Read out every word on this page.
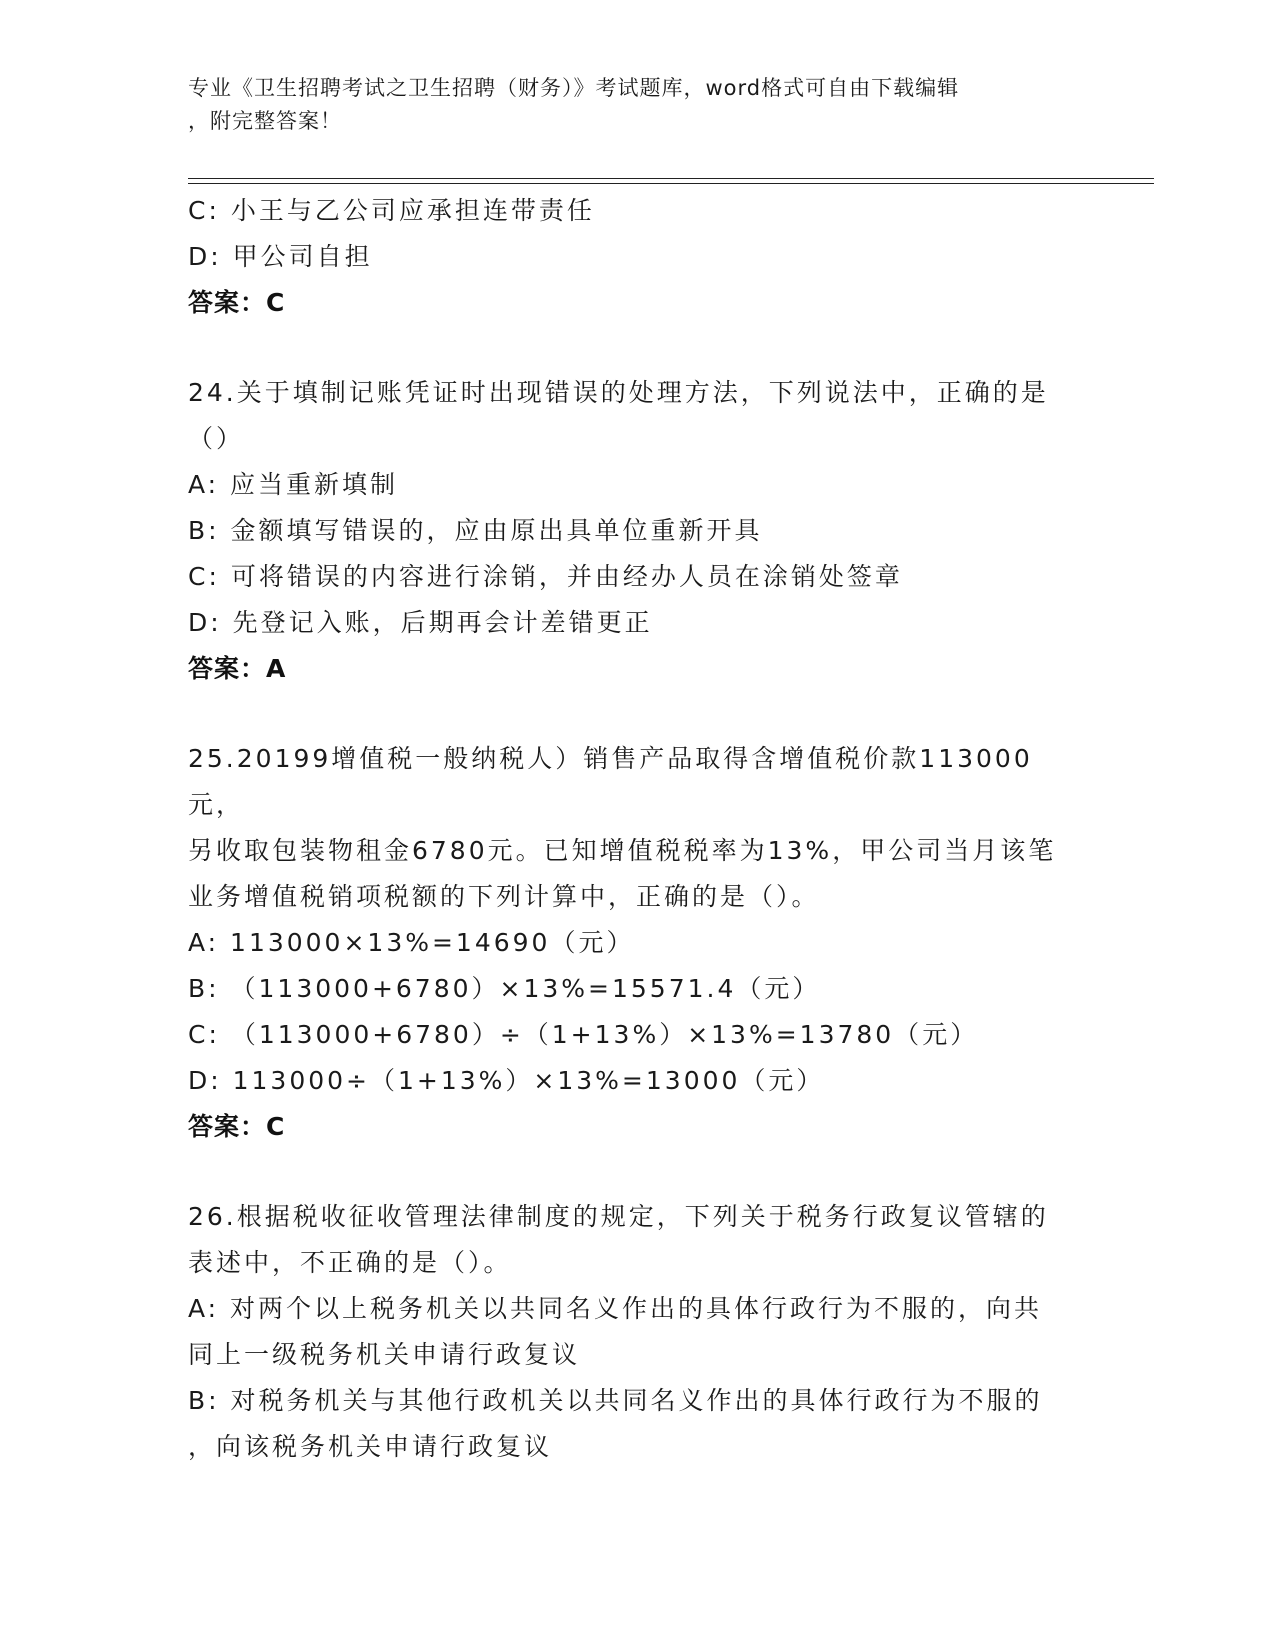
专业《卫生招聘考试之卫生招聘（财务）》考试题库，word格式可自由下载编辑
，附完整答案！
C: 小王与乙公司应承担连带责任
D: 甲公司自担
答案：C
24.关于填制记账凭证时出现错误的处理方法，下列说法中，正确的是
（）
A: 应当重新填制
B: 金额填写错误的，应由原出具单位重新开具
C: 可将错误的内容进行涂销，并由经办人员在涂销处签章
D: 先登记入账，后期再会计差错更正
答案：A
25.20199增值税一般纳税人）销售产品取得含增值税价款113000元，
另收取包装物租金6780元。已知增值税税率为13%，甲公司当月该笔
业务增值税销项税额的下列计算中，正确的是（）。
A: 113000×13%=14690（元）
B: （113000+6780）×13%=15571.4（元）
C: （113000+6780）÷（1+13%）×13%=13780（元）
D: 113000÷（1+13%）×13%=13000（元）
答案：C
26.根据税收征收管理法律制度的规定，下列关于税务行政复议管辖的
表述中，不正确的是（）。
A: 对两个以上税务机关以共同名义作出的具体行政行为不服的，向共
同上一级税务机关申请行政复议
B: 对税务机关与其他行政机关以共同名义作出的具体行政行为不服的
，向该税务机关申请行政复议
